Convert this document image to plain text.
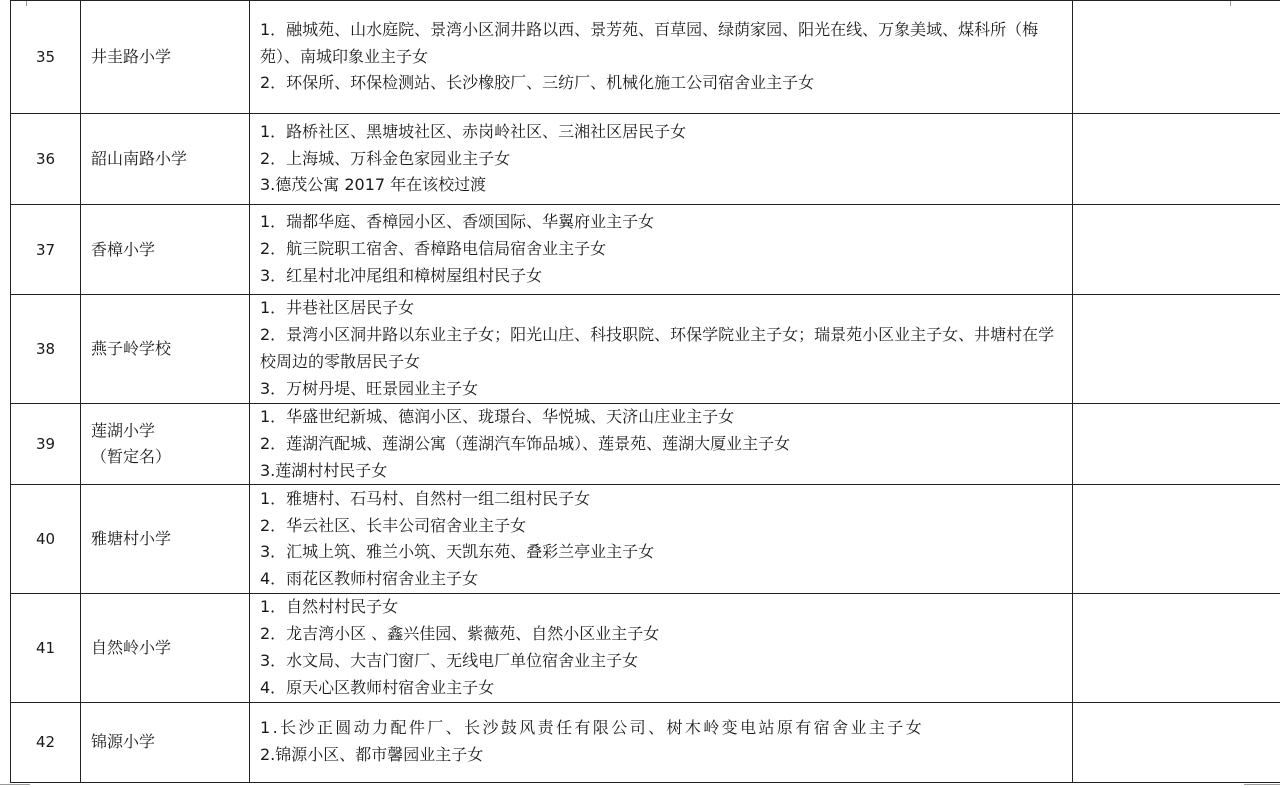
35	井圭路小学	1．融城苑、山水庭院、景湾小区洞井路以西、景芳苑、百草园、绿荫家园、阳光在线、万象美域、煤科所（梅苑）、南城印象业主子女
2．环保所、环保检测站、长沙橡胶厂、三纺厂、机械化施工公司宿舍业主子女	

36	韶山南路小学	1．路桥社区、黑塘坡社区、赤岗岭社区、三湘社区居民子女
2．上海城、万科金色家园业主子女
3.德茂公寓 2017 年在该校过渡	

37	香樟小学	1．瑞都华庭、香樟园小区、香颂国际、华翼府业主子女
2．航三院职工宿舍、香樟路电信局宿舍业主子女
3．红星村北冲尾组和樟树屋组村民子女	

38	燕子岭学校	1．井巷社区居民子女
2．景湾小区洞井路以东业主子女；阳光山庄、科技职院、环保学院业主子女；瑞景苑小区业主子女、井塘村在学校周边的零散居民子女
3．万树丹堤、旺景园业主子女	

39	莲湖小学
（暂定名）	1．华盛世纪新城、德润小区、珑璟台、华悦城、天济山庄业主子女
2．莲湖汽配城、莲湖公寓（莲湖汽车饰品城）、莲景苑、莲湖大厦业主子女
3.莲湖村村民子女	

40	雅塘村小学	1．雅塘村、石马村、自然村一组二组村民子女
2．华云社区、长丰公司宿舍业主子女
3．汇城上筑、雅兰小筑、天凯东苑、叠彩兰亭业主子女
4．雨花区教师村宿舍业主子女	

41	自然岭小学	1．自然村村民子女
2．龙吉湾小区 、鑫兴佳园、紫薇苑、自然小区业主子女
3．水文局、大吉门窗厂、无线电厂单位宿舍业主子女
4．原天心区教师村宿舍业主子女	

42	锦源小学	1.长沙正圆动力配件厂、长沙鼓风责任有限公司、树木岭变电站原有宿舍业主子女
2.锦源小区、都市馨园业主子女	
